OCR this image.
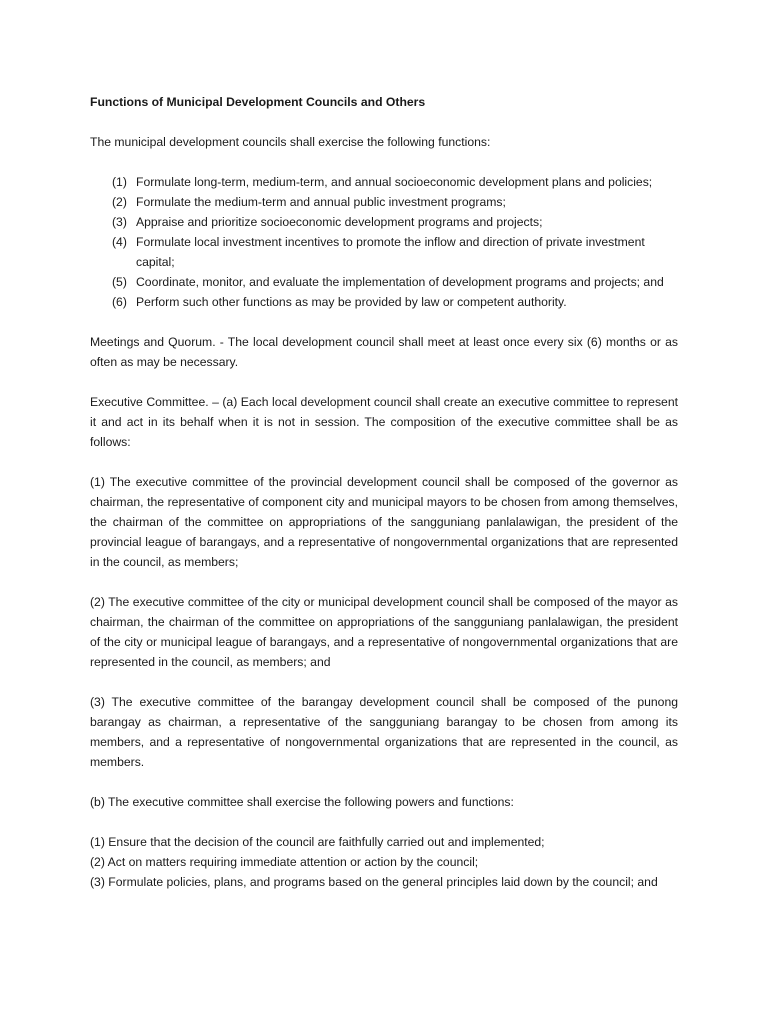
Functions of Municipal Development Councils and Others

The municipal development councils shall exercise the following functions:

(1) Formulate long-term, medium-term, and annual socioeconomic development plans and policies;
(2) Formulate the medium-term and annual public investment programs;
(3) Appraise and prioritize socioeconomic development programs and projects;
(4) Formulate local investment incentives to promote the inflow and direction of private investment capital;
(5) Coordinate, monitor, and evaluate the implementation of development programs and projects; and
(6) Perform such other functions as may be provided by law or competent authority.

Meetings and Quorum. - The local development council shall meet at least once every six (6) months or as often as may be necessary.

Executive Committee. – (a) Each local development council shall create an executive committee to represent it and act in its behalf when it is not in session. The composition of the executive committee shall be as follows:

(1) The executive committee of the provincial development council shall be composed of the governor as chairman, the representative of component city and municipal mayors to be chosen from among themselves, the chairman of the committee on appropriations of the sangguniang panlalawigan, the president of the provincial league of barangays, and a representative of nongovernmental organizations that are represented in the council, as members;

(2) The executive committee of the city or municipal development council shall be composed of the mayor as chairman, the chairman of the committee on appropriations of the sangguniang panlalawigan, the president of the city or municipal league of barangays, and a representative of nongovernmental organizations that are represented in the council, as members; and

(3) The executive committee of the barangay development council shall be composed of the punong barangay as chairman, a representative of the sangguniang barangay to be chosen from among its members, and a representative of nongovernmental organizations that are represented in the council, as members.

(b) The executive committee shall exercise the following powers and functions:

(1) Ensure that the decision of the council are faithfully carried out and implemented;
(2) Act on matters requiring immediate attention or action by the council;
(3) Formulate policies, plans, and programs based on the general principles laid down by the council; and
